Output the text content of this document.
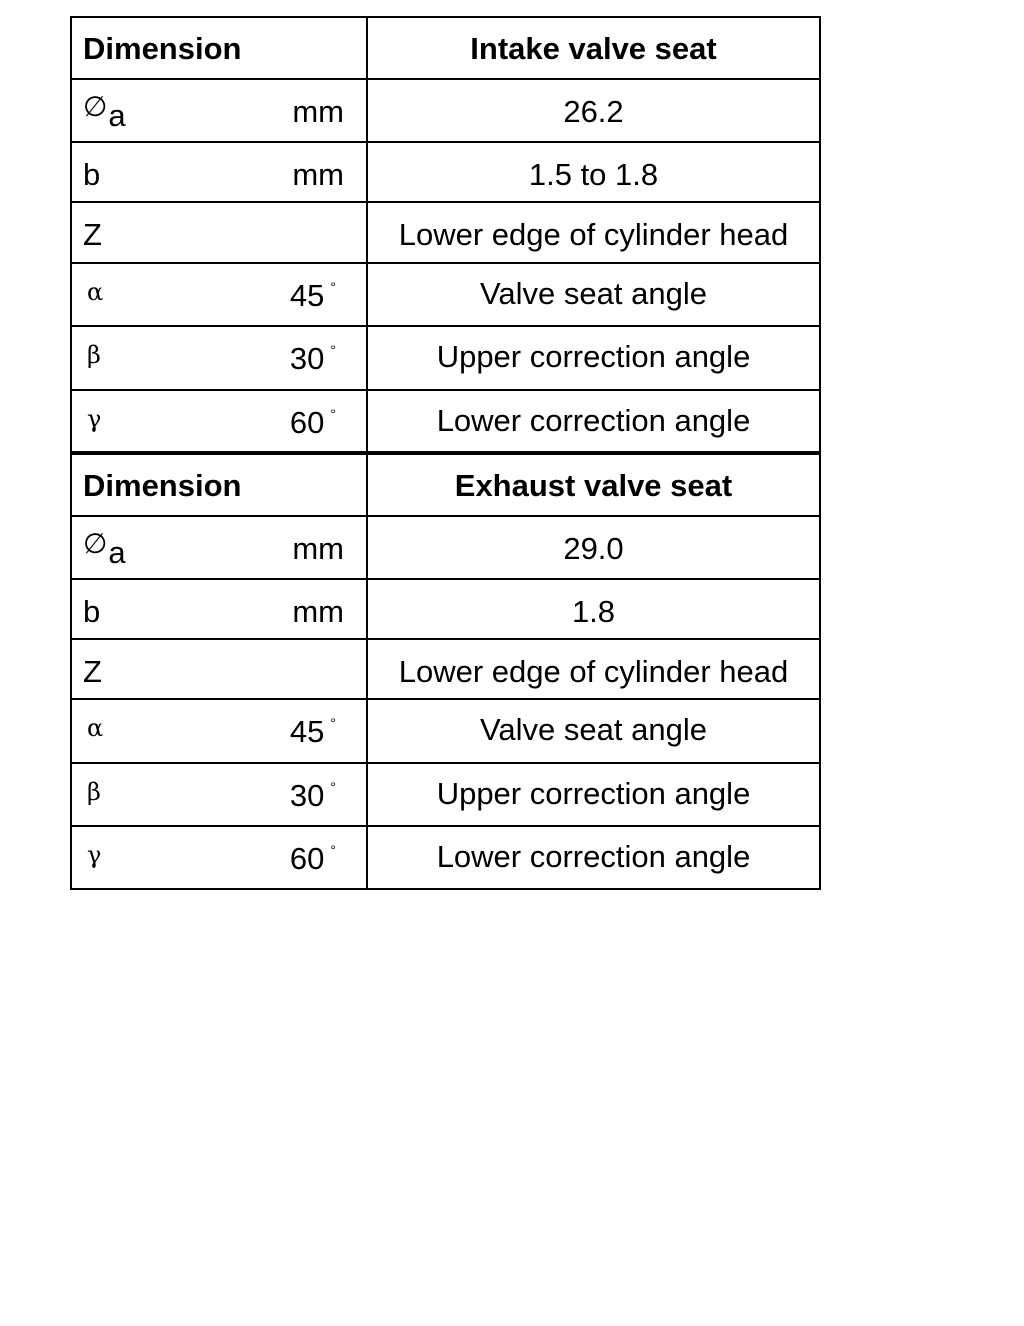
Dimension	Intake valve seat
∅a mm	26.2
b mm	1.5 to 1.8
Z	Lower edge of cylinder head
α 45 °	Valve seat angle
β 30 °	Upper correction angle
γ 60 °	Lower correction angle
Dimension	Exhaust valve seat
∅a mm	29.0
b mm	1.8
Z	Lower edge of cylinder head
α 45 °	Valve seat angle
β 30 °	Upper correction angle
γ 60 °	Lower correction angle
